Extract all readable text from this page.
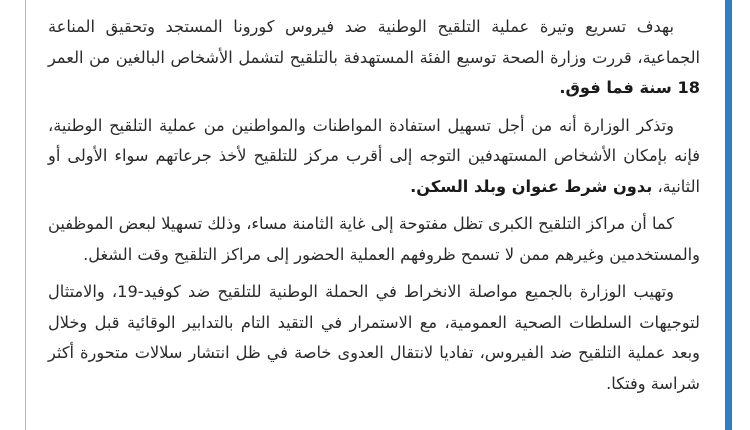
بهدف تسريع وتيرة عملية التلقيح الوطنية ضد فيروس كورونا المستجد وتحقيق المناعة الجماعية، قررت وزارة الصحة توسيع الفئة المستهدفة بالتلقيح لتشمل الأشخاص البالغين من العمر 18 سنة فما فوق.

وتذكر الوزارة أنه من أجل تسهيل استفادة المواطنات والمواطنين من عملية التلقيح الوطنية، فإنه بإمكان الأشخاص المستهدفين التوجه إلى أقرب مركز للتلقيح لأخذ جرعاتهم سواء الأولى أو الثانية، بدون شرط عنوان وبلد السكن.

كما أن مراكز التلقيح الكبرى تظل مفتوحة إلى غاية الثامنة مساء، وذلك تسهيلا لبعض الموظفين والمستخدمين وغيرهم ممن لا تسمح ظروفهم العملية الحضور إلى مراكز التلقيح وقت الشغل.

وتهيب الوزارة بالجميع مواصلة الانخراط في الحملة الوطنية للتلقيح ضد كوفيد-19، والامتثال لتوجيهات السلطات الصحية العمومية، مع الاستمرار في التقيد التام بالتدابير الوقائية قبل وخلال وبعد عملية التلقيح ضد الفيروس، تفاديا لانتقال العدوى خاصة في ظل انتشار سلالات متحورة أكثر شراسة وفتكا.
